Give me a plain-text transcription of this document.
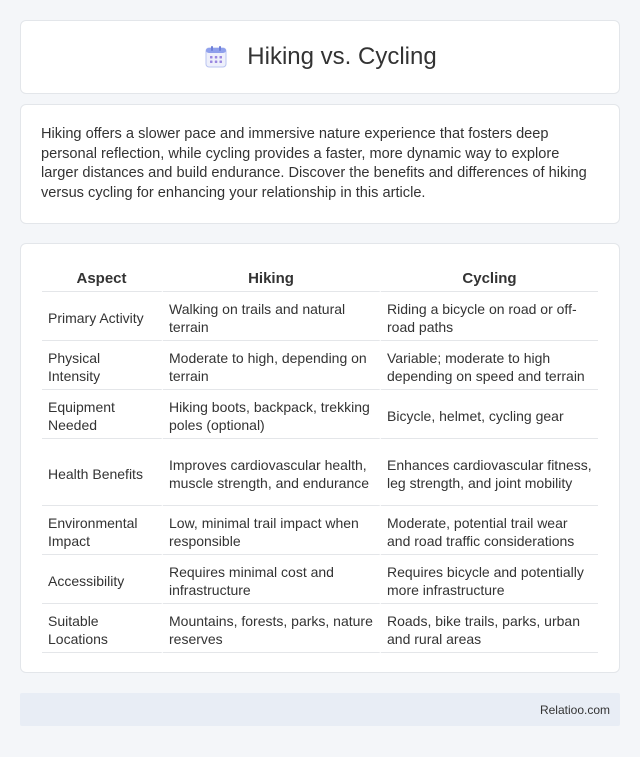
Hiking vs. Cycling

Hiking offers a slower pace and immersive nature experience that fosters deep personal reflection, while cycling provides a faster, more dynamic way to explore larger distances and build endurance. Discover the benefits and differences of hiking versus cycling for enhancing your relationship in this article.

Aspect	Hiking	Cycling
Primary Activity	Walking on trails and natural terrain	Riding a bicycle on road or off-road paths
Physical Intensity	Moderate to high, depending on terrain	Variable; moderate to high depending on speed and terrain
Equipment Needed	Hiking boots, backpack, trekking poles (optional)	Bicycle, helmet, cycling gear
Health Benefits	Improves cardiovascular health, muscle strength, and endurance	Enhances cardiovascular fitness, leg strength, and joint mobility
Environmental Impact	Low, minimal trail impact when responsible	Moderate, potential trail wear and road traffic considerations
Accessibility	Requires minimal cost and infrastructure	Requires bicycle and potentially more infrastructure
Suitable Locations	Mountains, forests, parks, nature reserves	Roads, bike trails, parks, urban and rural areas
Relatioo.com
